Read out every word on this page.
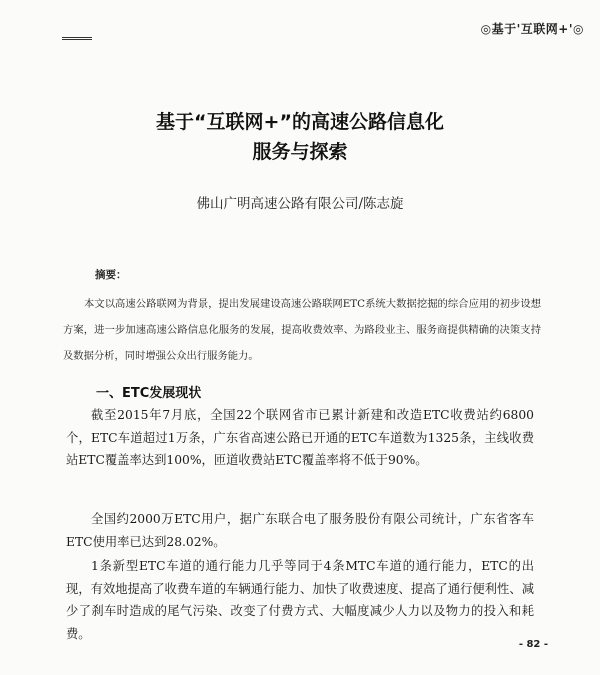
◎基于'互联网+'◎
基于“互联网+”的高速公路信息化
服务与探索
佛山广明高速公路有限公司/陈志旋
摘要：
本文以高速公路联网为背景，提出发展建设高速公路联网ETC系统大数据挖掘的综合应用的初步设想方案，进一步加速高速公路信息化服务的发展，提高收费效率、为路段业主、服务商提供精确的决策支持及数据分析，同时增强公众出行服务能力。
一、ETC发展现状
截至2015年7月底，全国22个联网省市已累计新建和改造ETC收费站约6800个，ETC车道超过1万条，广东省高速公路已开通的ETC车道数为1325条，主线收费站ETC覆盖率达到100%，匝道收费站ETC覆盖率将不低于90%。
全国约2000万ETC用户，据广东联合电了服务股份有限公司统计，广东省客车ETC使用率已达到28.02%。
1条新型ETC车道的通行能力几乎等同于4条MTC车道的通行能力，ETC的出现，有效地提高了收费车道的车辆通行能力、加快了收费速度、提高了通行便利性、减少了刹车时造成的尾气污染、改变了付费方式、大幅度减少人力以及物力的投入和耗费。
- 82 -
